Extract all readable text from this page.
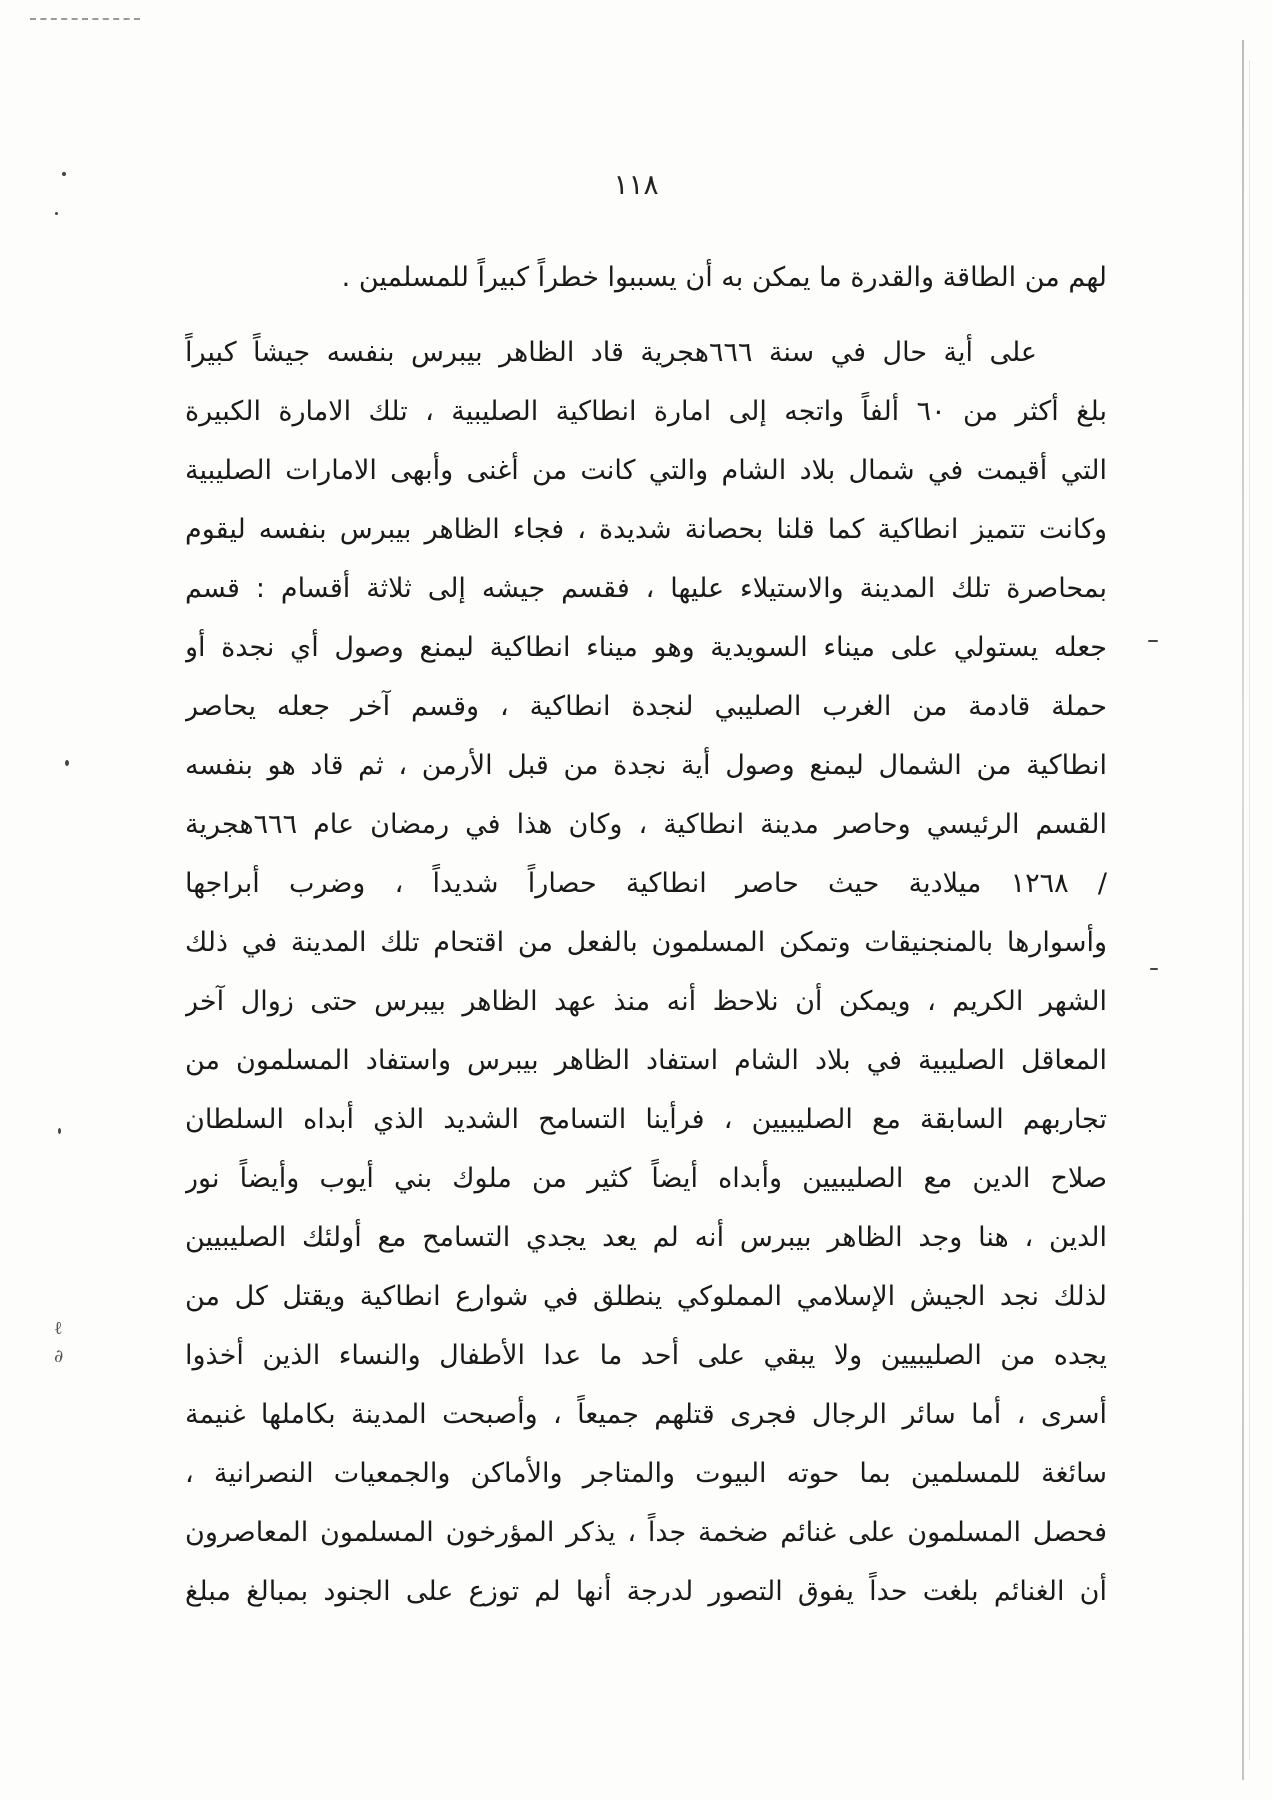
ℓ
∂
١١٨
لهم من الطاقة والقدرة ما يمكن به أن يسببوا خطراً كبيراً للمسلمين .
على أية حال في سنة ٦٦٦هجرية قاد الظاهر بيبرس بنفسه جيشاً كبيراً
بلغ أكثر من ٦٠ ألفاً واتجه إلى امارة انطاكية الصليبية ، تلك الامارة الكبيرة
التي أقيمت في شمال بلاد الشام والتي كانت من أغنى وأبهى الامارات الصليبية
وكانت تتميز انطاكية كما قلنا بحصانة شديدة ، فجاء الظاهر بيبرس بنفسه ليقوم
بمحاصرة تلك المدينة والاستيلاء عليها ، فقسم جيشه إلى ثلاثة أقسام : قسم
جعله يستولي على ميناء السويدية وهو ميناء انطاكية ليمنع وصول أي نجدة أو
حملة قادمة من الغرب الصليبي لنجدة انطاكية ، وقسم آخر جعله يحاصر
انطاكية من الشمال ليمنع وصول أية نجدة من قبل الأرمن ، ثم قاد هو بنفسه
القسم الرئيسي وحاصر مدينة انطاكية ، وكان هذا في رمضان عام ٦٦٦هجرية
/ ١٢٦٨ ميلادية حيث حاصر انطاكية حصاراً شديداً ، وضرب أبراجها
وأسوارها بالمنجنيقات وتمكن المسلمون بالفعل من اقتحام تلك المدينة في ذلك
الشهر الكريم ، ويمكن أن نلاحظ أنه منذ عهد الظاهر بيبرس حتى زوال آخر
المعاقل الصليبية في بلاد الشام استفاد الظاهر بيبرس واستفاد المسلمون من
تجاربهم السابقة مع الصليبيين ، فرأينا التسامح الشديد الذي أبداه السلطان
صلاح الدين مع الصليبيين وأبداه أيضاً كثير من ملوك بني أيوب وأيضاً نور
الدين ، هنا وجد الظاهر بيبرس أنه لم يعد يجدي التسامح مع أولئك الصليبيين
لذلك نجد الجيش الإسلامي المملوكي ينطلق في شوارع انطاكية ويقتل كل من
يجده من الصليبيين ولا يبقي على أحد ما عدا الأطفال والنساء الذين أخذوا
أسرى ، أما سائر الرجال فجرى قتلهم جميعاً ، وأصبحت المدينة بكاملها غنيمة
سائغة للمسلمين بما حوته البيوت والمتاجر والأماكن والجمعيات النصرانية ،
فحصل المسلمون على غنائم ضخمة جداً ، يذكر المؤرخون المسلمون المعاصرون
أن الغنائم بلغت حداً يفوق التصور لدرجة أنها لم توزع على الجنود بمبالغ مبلغ
